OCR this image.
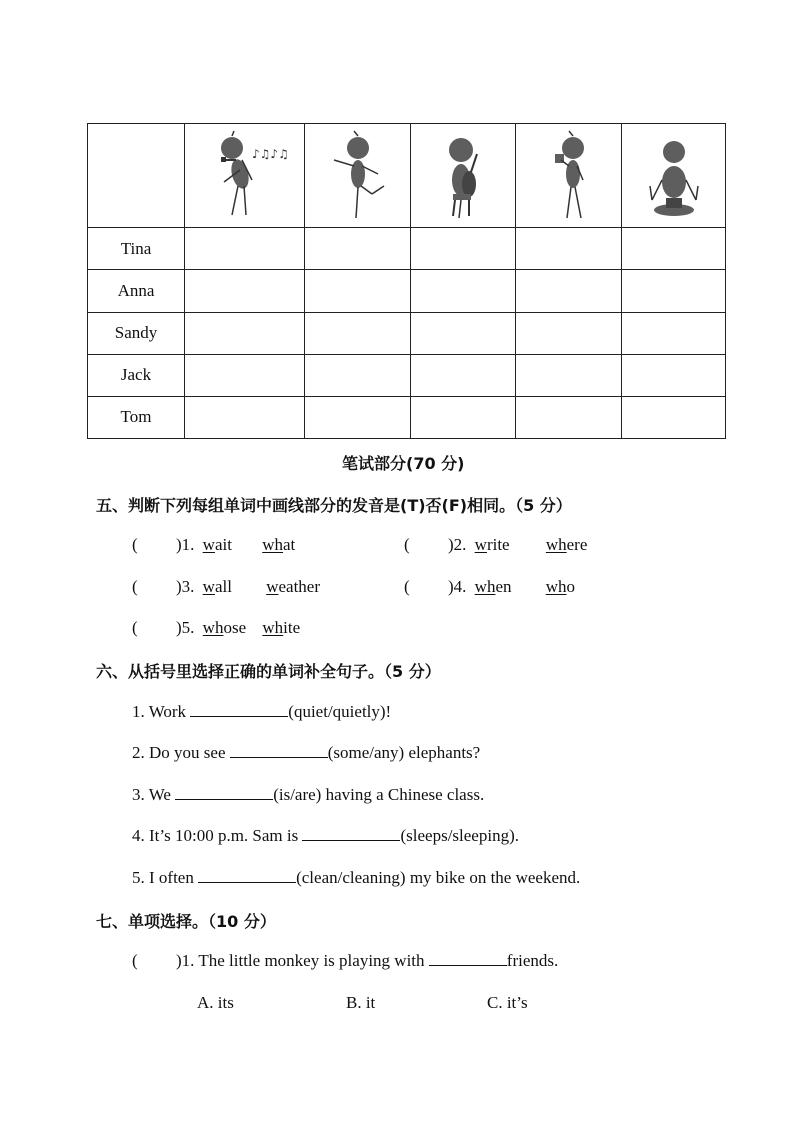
♪♫♪♫

Tina					
Anna					
Sandy					
Jack					
Tom					
笔试部分(70 分)
五、判断下列每组单词中画线部分的发音是(T)否(F)相同。（5 分）
( )1. wait what	( )2. write where
( )3. wall weather	( )4. when who
( )5. whose white
六、从括号里选择正确的单词补全句子。（5 分）
1. Work	(quiet/quietly)!
2. Do you see	(some/any) elephants?
3. We	(is/are) having a Chinese class.
4. It’s 10:00 p.m. Sam is	(sleeps/sleeping).
5. I often	(clean/cleaning) my bike on the weekend.
七、单项选择。（10 分）
( )1. The little monkey is playing with	friends.
A. its	B. it	C. it’s
